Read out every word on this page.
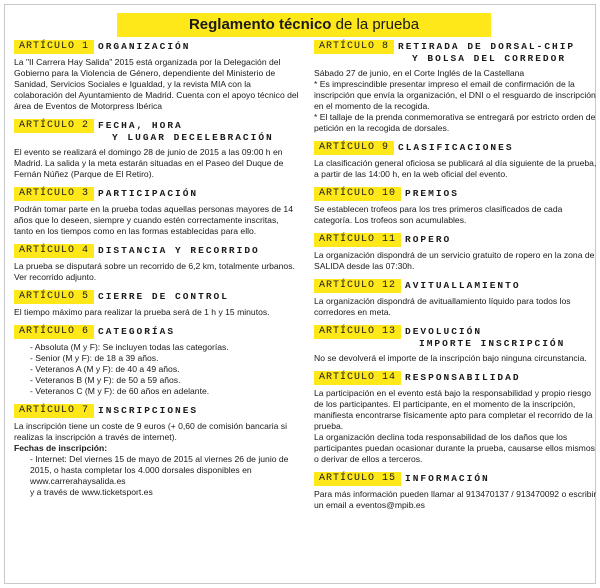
Reglamento técnico de la prueba
ARTÍCULO 1 ORGANIZACIÓN

La "II Carrera Hay Salida" 2015 está organizada por la Delegación del Gobierno para la Violencia de Género, dependiente del Ministerio de Sanidad, Servicios Sociales e Igualdad, y la revista MIA con la colaboración del Ayuntamiento de Madrid. Cuenta con el apoyo técnico del área de Eventos de Motorpress Ibérica

ARTÍCULO 2 FECHA, HORA
Y LUGAR DECELEBRACIÓN

El evento se realizará el domingo 28 de junio de 2015 a las 09:00 h en Madrid. La salida y la meta estarán situadas en el Paseo del Duque de Fernán Núñez (Parque de El Retiro).

ARTÍCULO 3 PARTICIPACIÓN

Podrán tomar parte en la prueba todas aquellas personas mayores de 14 años que lo deseen, siempre y cuando estén correctamente inscritas, tanto en los tiempos como en las formas establecidas para ello.

ARTÍCULO 4 DISTANCIA Y RECORRIDO

La prueba se disputará sobre un recorrido de 6,2 km, totalmente urbanos. Ver recorrido adjunto.

ARTÍCULO 5 CIERRE DE CONTROL

El tiempo máximo para realizar la prueba será de 1 h y 15 minutos.

ARTÍCULO 6 CATEGORÍAS

- Absoluta (M y F): Se incluyen todas las categorías.

- Senior (M y F): de 18 a 39 años.

- Veteranos A (M y F): de 40 a 49 años.

- Veteranos B (M y F): de 50 a 59 años.

- Veteranos C (M y F): de 60 años en adelante.

ARTÍCULO 7 INSCRIPCIONES

La inscripción tiene un coste de 9 euros (+ 0,60 de comisión bancaria si realizas la inscripción a través de internet).

Fechas de inscripción:

- Internet: Del viernes 15 de mayo de 2015 al viernes 26 de junio de 2015, o hasta completar los 4.000 dorsales disponibles en www.carrerahaysalida.es

y a través de www.ticketsport.es

ARTÍCULO 8 RETIRADA DE DORSAL-CHIP
Y BOLSA DEL CORREDOR

Sábado 27 de junio, en el Corte Inglés de la Castellana

* Es imprescindible presentar impreso el email de confirmación de la inscripción que envía la organización, el DNI o el resguardo de inscripción en el momento de la recogida.

* El tallaje de la prenda conmemorativa se entregará por estricto orden de petición en la recogida de dorsales.

ARTÍCULO 9 CLASIFICACIONES

La clasificación general oficiosa se publicará al día siguiente de la prueba, a partir de las 14:00 h, en la web oficial del evento.

ARTÍCULO 10 PREMIOS

Se establecen trofeos para los tres primeros clasificados de cada categoría. Los trofeos son acumulables.

ARTÍCULO 11 ROPERO

La organización dispondrá de un servicio gratuito de ropero en la zona de SALIDA desde las 07:30h.

ARTÍCULO 12 AVITUALLAMIENTO

La organización dispondrá de avituallamiento líquido para todos los corredores en meta.

ARTÍCULO 13 DEVOLUCIÓN
IMPORTE INSCRIPCIÓN

No se devolverá el importe de la inscripción bajo ninguna circunstancia.

ARTÍCULO 14 RESPONSABILIDAD

La participación en el evento está bajo la responsabilidad y propio riesgo de los participantes. El participante, en el momento de la inscripción, manifiesta encontrarse físicamente apto para completar el recorrido de la prueba.

La organización declina toda responsabilidad de los daños que los participantes puedan ocasionar durante la prueba, causarse ellos mismos o derivar de ellos a terceros.

ARTÍCULO 15 INFORMACIÓN

Para más información pueden llamar al 913470137 / 913470092 o escribir un email a eventos@mpib.es
